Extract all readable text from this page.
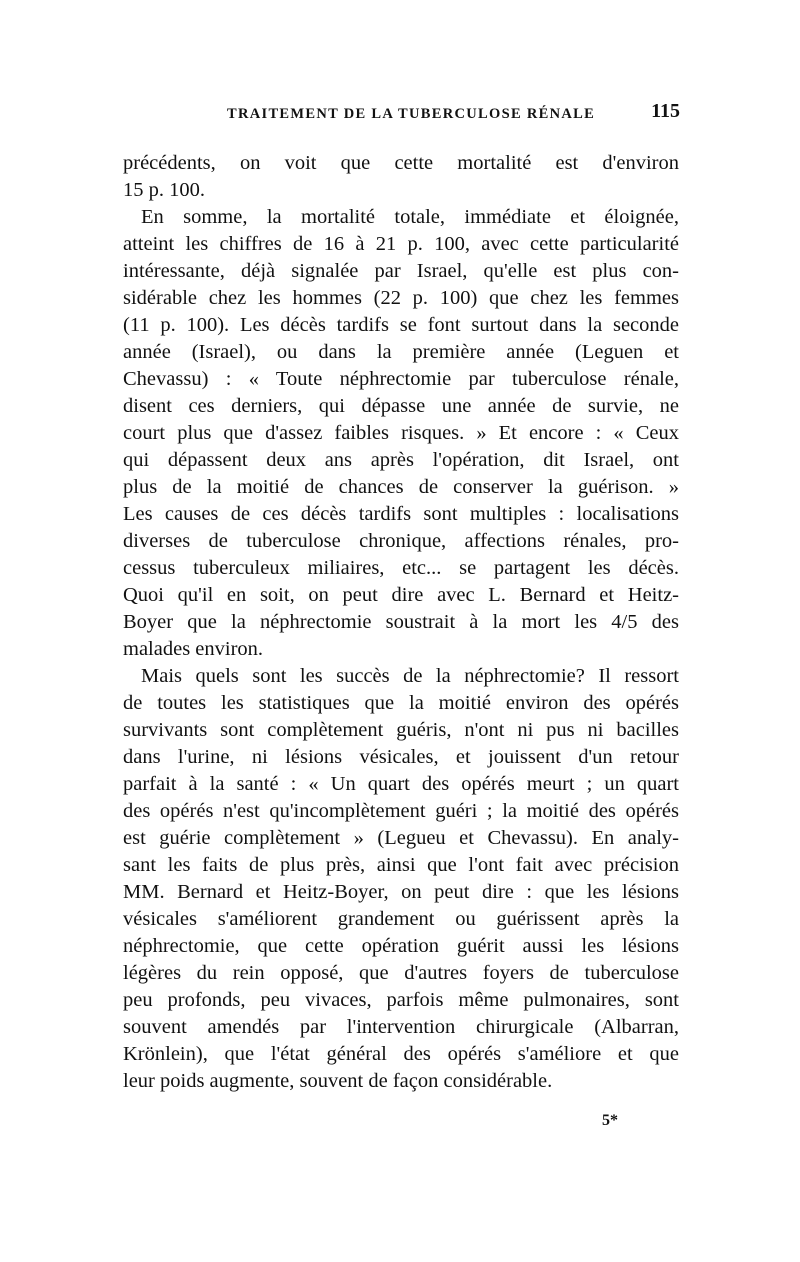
TRAITEMENT DE LA TUBERCULOSE RÉNALE	115
précédents, on voit que cette mortalité est d'environ
15 p. 100.
En somme, la mortalité totale, immédiate et éloignée,
atteint les chiffres de 16 à 21 p. 100, avec cette particularité
intéressante, déjà signalée par Israel, qu'elle est plus con-
sidérable chez les hommes (22 p. 100) que chez les femmes
(11 p. 100). Les décès tardifs se font surtout dans la seconde
année (Israel), ou dans la première année (Leguen et
Chevassu) : « Toute néphrectomie par tuberculose rénale,
disent ces derniers, qui dépasse une année de survie, ne
court plus que d'assez faibles risques. » Et encore : « Ceux
qui dépassent deux ans après l'opération, dit Israel, ont
plus de la moitié de chances de conserver la guérison. »
Les causes de ces décès tardifs sont multiples : localisations
diverses de tuberculose chronique, affections rénales, pro-
cessus tuberculeux miliaires, etc... se partagent les décès.
Quoi qu'il en soit, on peut dire avec L. Bernard et Heitz-
Boyer que la néphrectomie soustrait à la mort les 4/5 des
malades environ.
Mais quels sont les succès de la néphrectomie? Il ressort
de toutes les statistiques que la moitié environ des opérés
survivants sont complètement guéris, n'ont ni pus ni bacilles
dans l'urine, ni lésions vésicales, et jouissent d'un retour
parfait à la santé : « Un quart des opérés meurt ; un quart
des opérés n'est qu'incomplètement guéri ; la moitié des opérés
est guérie complètement » (Legueu et Chevassu). En analy-
sant les faits de plus près, ainsi que l'ont fait avec précision
MM. Bernard et Heitz-Boyer, on peut dire : que les lésions
vésicales s'améliorent grandement ou guérissent après la
néphrectomie, que cette opération guérit aussi les lésions
légères du rein opposé, que d'autres foyers de tuberculose
peu profonds, peu vivaces, parfois même pulmonaires, sont
souvent amendés par l'intervention chirurgicale (Albarran,
Krönlein), que l'état général des opérés s'améliore et que
leur poids augmente, souvent de façon considérable.
5*
